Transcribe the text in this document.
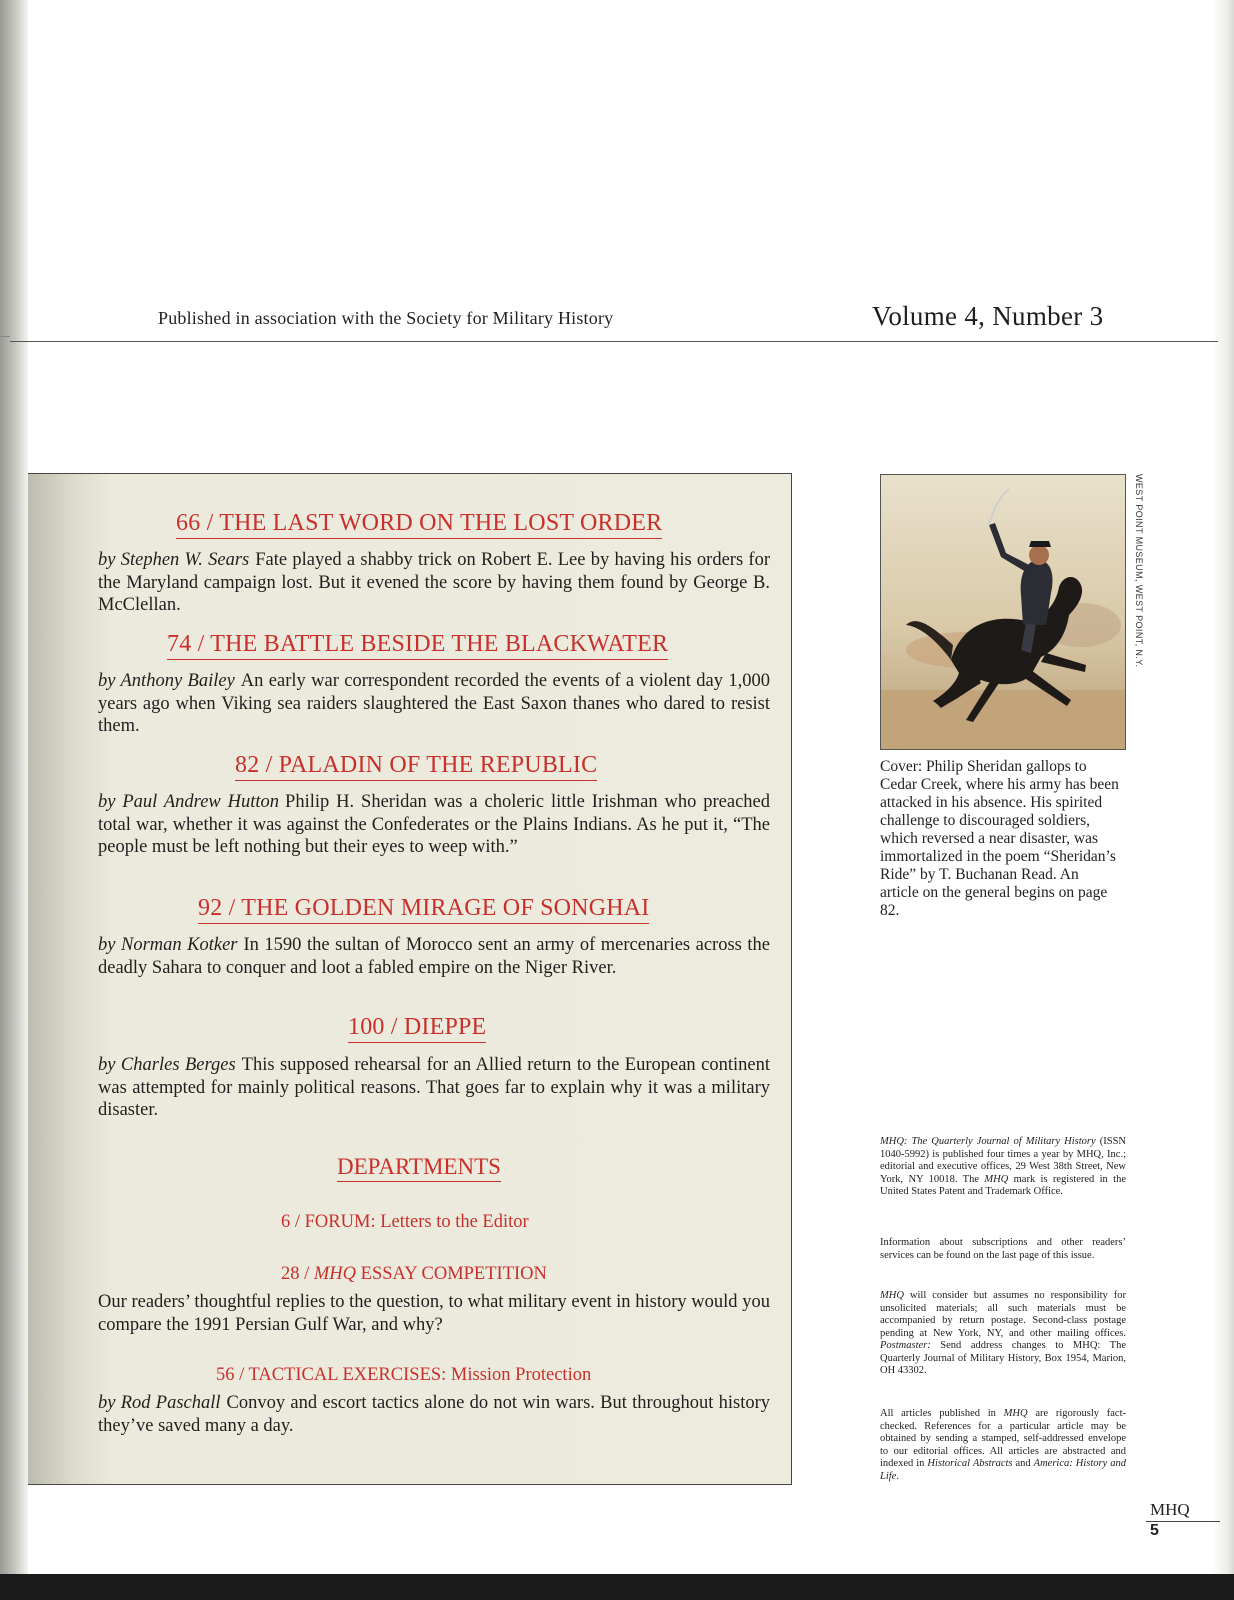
Published in association with the Society for Military History	Volume 4, Number 3
66 / THE LAST WORD ON THE LOST ORDER
by Stephen W. Sears Fate played a shabby trick on Robert E. Lee by having his orders for the Maryland campaign lost. But it evened the score by having them found by George B. McClellan.
74 / THE BATTLE BESIDE THE BLACKWATER
by Anthony Bailey An early war correspondent recorded the events of a violent day 1,000 years ago when Viking sea raiders slaughtered the East Saxon thanes who dared to resist them.
82 / PALADIN OF THE REPUBLIC
by Paul Andrew Hutton Philip H. Sheridan was a choleric little Irishman who preached total war, whether it was against the Confederates or the Plains Indians. As he put it, “The people must be left nothing but their eyes to weep with.”
92 / THE GOLDEN MIRAGE OF SONGHAI
by Norman Kotker In 1590 the sultan of Morocco sent an army of mercenaries across the deadly Sahara to conquer and loot a fabled empire on the Niger River.
100 / DIEPPE
by Charles Berges This supposed rehearsal for an Allied return to the European continent was attempted for mainly political reasons. That goes far to explain why it was a military disaster.
DEPARTMENTS
6 / FORUM: Letters to the Editor
28 / MHQ ESSAY COMPETITION
Our readers’ thoughtful replies to the question, to what military event in history would you compare the 1991 Persian Gulf War, and why?
56 / TACTICAL EXERCISES: Mission Protection
by Rod Paschall Convoy and escort tactics alone do not win wars. But throughout history they’ve saved many a day.
WEST POINT MUSEUM, WEST POINT, N.Y.
Cover: Philip Sheridan gallops to Cedar Creek, where his army has been attacked in his absence. His spirited challenge to discouraged soldiers, which reversed a near disaster, was immortalized in the poem “Sheridan’s Ride” by T. Buchanan Read. An article on the general begins on page 82.
MHQ: The Quarterly Journal of Military History (ISSN 1040-5992) is published four times a year by MHQ, Inc.; editorial and executive offices, 29 West 38th Street, New York, NY 10018. The MHQ mark is registered in the United States Patent and Trademark Office.
Information about subscriptions and other readers’ services can be found on the last page of this issue.
MHQ will consider but assumes no responsibility for unsolicited materials; all such materials must be accompanied by return postage. Second-class postage pending at New York, NY, and other mailing offices. Postmaster: Send address changes to MHQ: The Quarterly Journal of Military History, Box 1954, Marion, OH 43302.
All articles published in MHQ are rigorously fact-checked. References for a particular article may be obtained by sending a stamped, self-addressed envelope to our editorial offices. All articles are abstracted and indexed in Historical Abstracts and America: History and Life.
MHQ
5
